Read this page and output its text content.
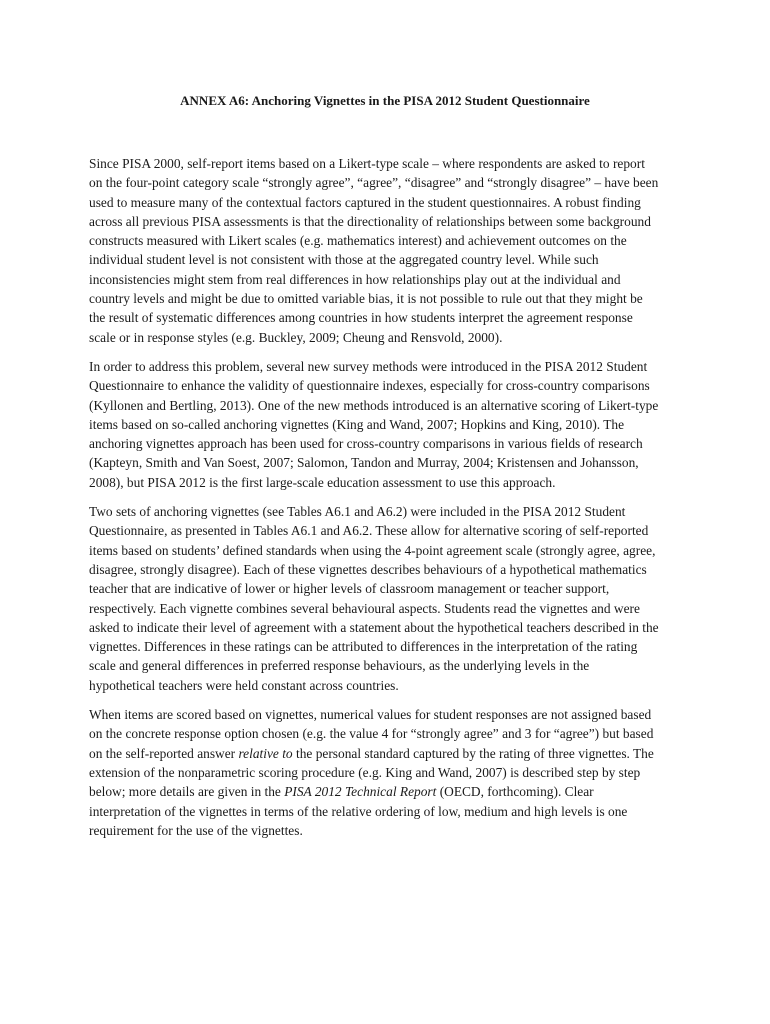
ANNEX A6: Anchoring Vignettes in the PISA 2012 Student Questionnaire

Since PISA 2000, self-report items based on a Likert-type scale – where respondents are asked to report
on the four-point category scale “strongly agree”, “agree”, “disagree” and “strongly disagree” – have been
used to measure many of the contextual factors captured in the student questionnaires. A robust finding
across all previous PISA assessments is that the directionality of relationships between some background
constructs measured with Likert scales (e.g. mathematics interest) and achievement outcomes on the
individual student level is not consistent with those at the aggregated country level. While such
inconsistencies might stem from real differences in how relationships play out at the individual and
country levels and might be due to omitted variable bias, it is not possible to rule out that they might be
the result of systematic differences among countries in how students interpret the agreement response
scale or in response styles (e.g. Buckley, 2009; Cheung and Rensvold, 2000).

In order to address this problem, several new survey methods were introduced in the PISA 2012 Student
Questionnaire to enhance the validity of questionnaire indexes, especially for cross-country comparisons
(Kyllonen and Bertling, 2013). One of the new methods introduced is an alternative scoring of Likert-type
items based on so-called anchoring vignettes (King and Wand, 2007; Hopkins and King, 2010). The
anchoring vignettes approach has been used for cross-country comparisons in various fields of research
(Kapteyn, Smith and Van Soest, 2007; Salomon, Tandon and Murray, 2004; Kristensen and Johansson,
2008), but PISA 2012 is the first large-scale education assessment to use this approach.

Two sets of anchoring vignettes (see Tables A6.1 and A6.2) were included in the PISA 2012 Student
Questionnaire, as presented in Tables A6.1 and A6.2. These allow for alternative scoring of self-reported
items based on students’ defined standards when using the 4-point agreement scale (strongly agree, agree,
disagree, strongly disagree). Each of these vignettes describes behaviours of a hypothetical mathematics
teacher that are indicative of lower or higher levels of classroom management or teacher support,
respectively. Each vignette combines several behavioural aspects. Students read the vignettes and were
asked to indicate their level of agreement with a statement about the hypothetical teachers described in the
vignettes. Differences in these ratings can be attributed to differences in the interpretation of the rating
scale and general differences in preferred response behaviours, as the underlying levels in the
hypothetical teachers were held constant across countries.

When items are scored based on vignettes, numerical values for student responses are not assigned based
on the concrete response option chosen (e.g. the value 4 for “strongly agree” and 3 for “agree”) but based
on the self-reported answer relative to the personal standard captured by the rating of three vignettes. The
extension of the nonparametric scoring procedure (e.g. King and Wand, 2007) is described step by step
below; more details are given in the PISA 2012 Technical Report (OECD, forthcoming). Clear
interpretation of the vignettes in terms of the relative ordering of low, medium and high levels is one
requirement for the use of the vignettes.
